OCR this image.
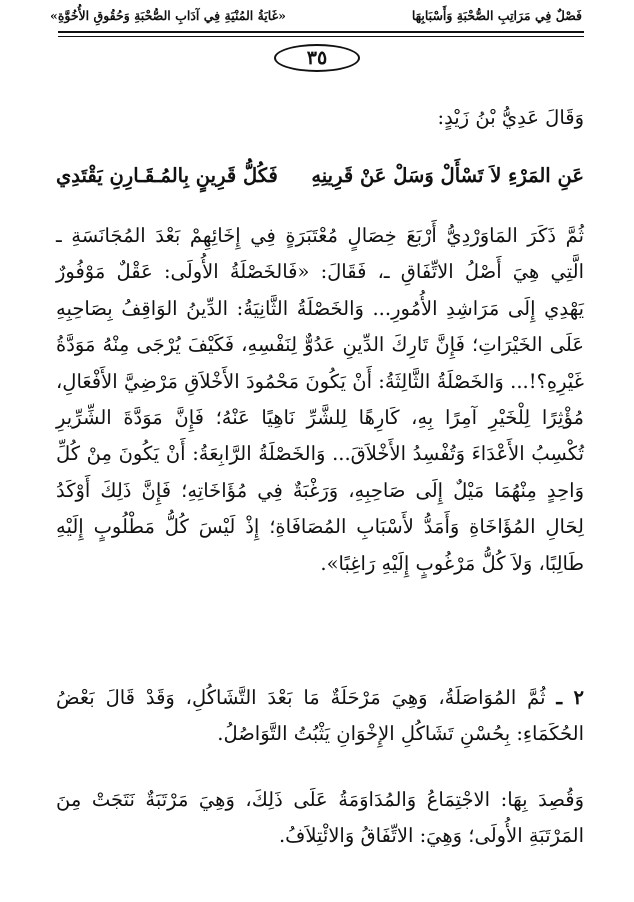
«غَايَةُ المُنْيَةِ فِي آدَابِ الصُّحْبَةِ وَحُقُوقِ الأُخُوَّةِ»	فَصْلٌ فِي مَرَاتِبِ الصُّحْبَةِ وَأَسْبَابِهَا
٣٥
وَقَالَ عَدِيُّ بْنُ زَيْدٍ:
عَنِ المَرْءِ لاَ تَسْأَلْ وَسَلْ عَنْ قَرِينِهِ
فَكُلُّ قَرِينٍ بِالمُـقَـارِنِ يَقْتَدِي
ثُمَّ ذَكَرَ المَاوَرْدِيُّ أَرْبَعَ خِصَالٍ مُعْتَبَرَةٍ فِي إِخَائِهِمْ بَعْدَ المُجَانَسَةِ ـ الَّتِي هِيَ أَصْلُ الاتِّفَاقِ ـ، فَقَالَ: «فَالخَصْلَةُ الأُولَى: عَقْلٌ مَوْفُورٌ يَهْدِي إِلَى مَرَاشِدِ الأُمُورِ... وَالخَصْلَةُ الثَّانِيَةُ: الدِّينُ الوَاقِفُ بِصَاحِبِهِ عَلَى الخَيْرَاتِ؛ فَإِنَّ تَارِكَ الدِّينِ عَدُوٌّ لِنَفْسِهِ، فَكَيْفَ يُرْجَى مِنْهُ مَوَدَّةُ غَيْرِهِ؟!... وَالخَصْلَةُ الثَّالِثَةُ: أَنْ يَكُونَ مَحْمُودَ الأَخْلاَقِ مَرْضِيَّ الأَفْعَالِ، مُؤْثِرًا لِلْخَيْرِ آمِرًا بِهِ، كَارِهًا لِلشَّرِّ نَاهِيًا عَنْهُ؛ فَإِنَّ مَوَدَّةَ الشِّرِّيرِ تُكْسِبُ الأَعْدَاءَ وَتُفْسِدُ الأَخْلاَقَ... وَالخَصْلَةُ الرَّابِعَةُ: أَنْ يَكُونَ مِنْ كُلِّ وَاحِدٍ مِنْهُمَا مَيْلٌ إِلَى صَاحِبِهِ، وَرَغْبَةٌ فِي مُؤَاخَاتِهِ؛ فَإِنَّ ذَلِكَ أَوْكَدُ لِحَالِ المُؤَاخَاةِ وَأَمَدُّ لأَسْبَابِ المُصَافَاةِ؛ إِذْ لَيْسَ كُلُّ مَطْلُوبٍ إِلَيْهِ طَالِبًا، وَلاَ كُلُّ مَرْغُوبٍ إِلَيْهِ رَاغِبًا».
٢ ـ ثُمَّ المُوَاصَلَةُ، وَهِيَ مَرْحَلَةٌ مَا بَعْدَ التَّشَاكُلِ، وَقَدْ قَالَ بَعْضُ الحُكَمَاءِ: بِحُسْنِ تَشَاكُلِ الإِخْوَانِ يَثْبُتُ التَّوَاصُلُ.
وَقُصِدَ بِهَا: الاجْتِمَاعُ وَالمُدَاوَمَةُ عَلَى ذَلِكَ، وَهِيَ مَرْتَبَةٌ نَتَجَتْ مِنَ المَرْتَبَةِ الأُولَى؛ وَهِيَ: الاتِّفَاقُ وَالائْتِلاَفُ.
